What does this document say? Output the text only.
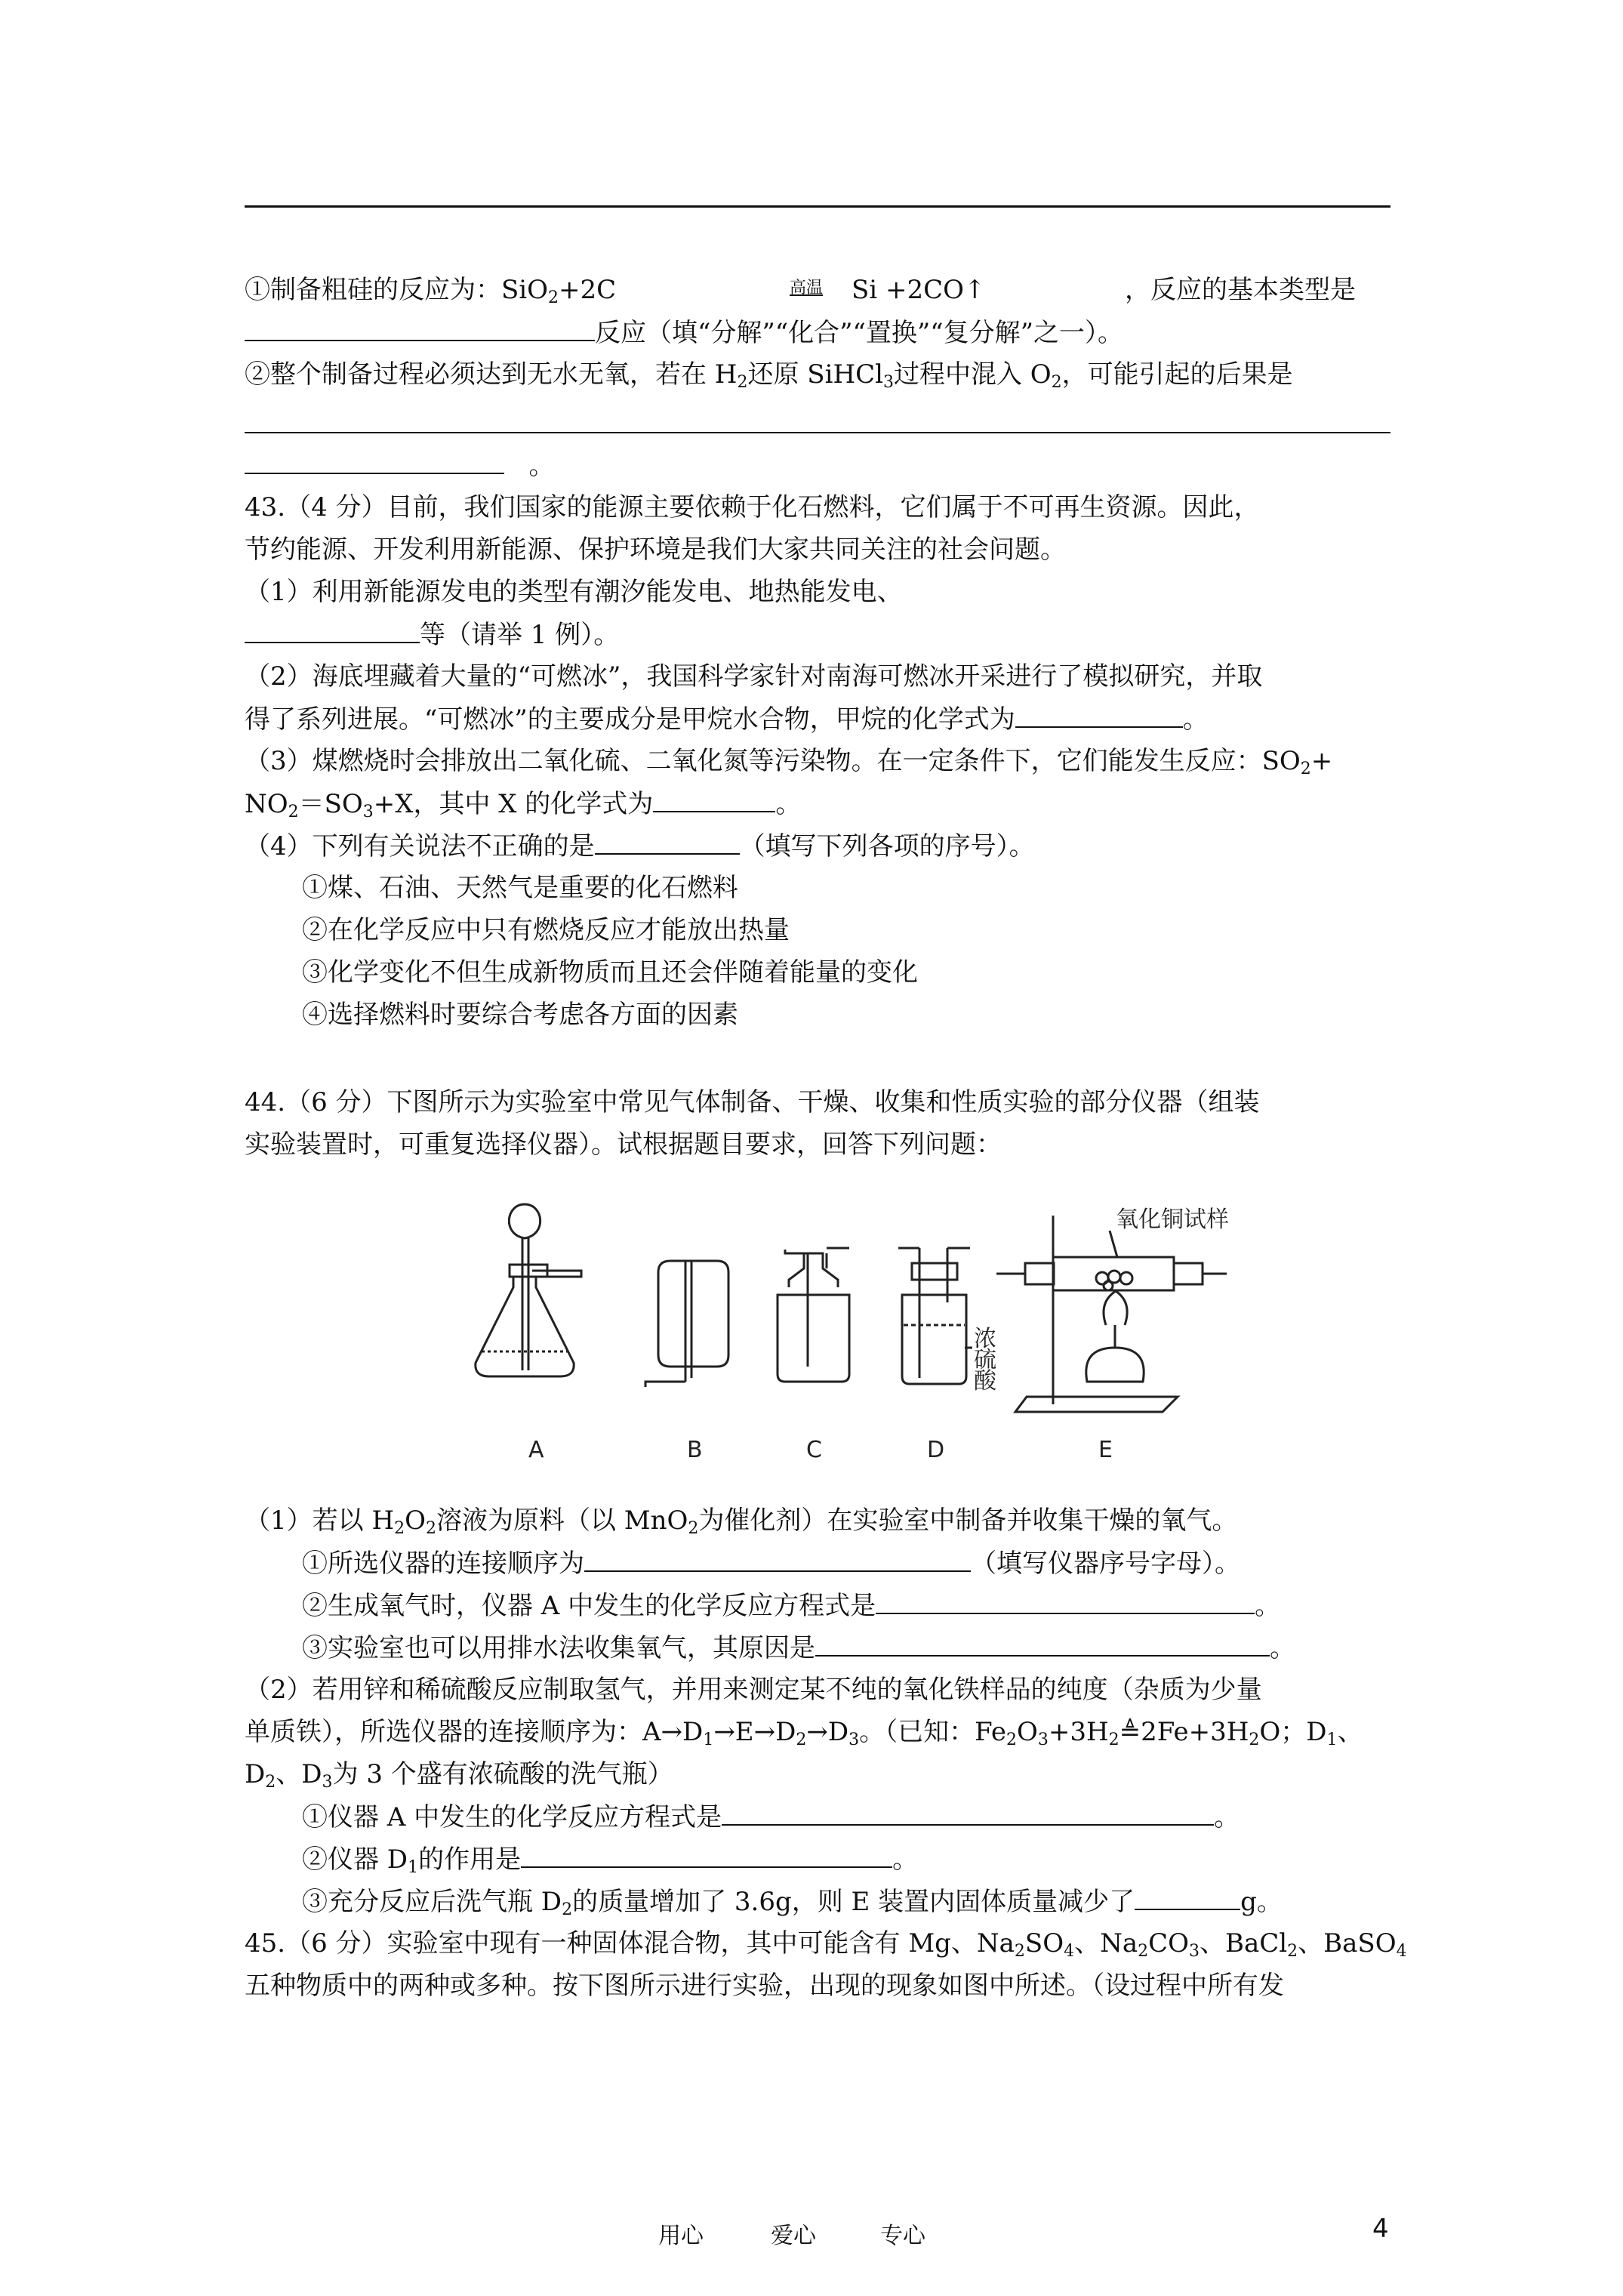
①制备粗硅的反应为：SiO$_2$+2C	高温 Si +2CO↑	，反应的基本类型是
反应（填“分解”“化合”“置换”“复分解”之一）。
②整个制备过程必须达到无水无氧，若在 $H_2$还原 SiHCl$_3$过程中混入 $O_2$，可能引起的后果是
。
43.（4 分）目前，我们国家的能源主要依赖于化石燃料，它们属于不可再生资源。因此，
节约能源、开发利用新能源、保护环境是我们大家共同关注的社会问题。
（1）利用新能源发电的类型有潮汐能发电、地热能发电、
等（请举 1 例）。
（2）海底埋藏着大量的“可燃冰”，我国科学家针对南海可燃冰开采进行了模拟研究，并取
得了系列进展。“可燃冰”的主要成分是甲烷水合物，甲烷的化学式为	。
（3）煤燃烧时会排放出二氧化硫、二氧化氮等污染物。在一定条件下，它们能发生反应：$SO_2+$
$NO_2=SO_3+X$，其中 X 的化学式为	。
（4）下列有关说法不正确的是	（填写下列各项的序号）。
①煤、石油、天然气是重要的化石燃料
②在化学反应中只有燃烧反应才能放出热量
③化学变化不但生成新物质而且还会伴随着能量的变化
④选择燃料时要综合考虑各方面的因素
44.（6 分）下图所示为实验室中常见气体制备、干燥、收集和性质实验的部分仪器（组装
实验装置时，可重复选择仪器）。试根据题目要求，回答下列问题：
A	B	C
浓
硫
酸
D
氧化铜试样
E
（1）若以 $H_2O_2$溶液为原料（以 MnO$_2$为催化剂）在实验室中制备并收集干燥的氧气。
①所选仪器的连接顺序为	（填写仪器序号字母）。
②生成氧气时，仪器 A 中发生的化学反应方程式是	。
③实验室也可以用排水法收集氧气，其原因是	。
（2）若用锌和稀硫酸反应制取氢气，并用来测定某不纯的氧化铁样品的纯度（杂质为少量
单质铁），所选仪器的连接顺序为：$A\to D_1\to E\to D_2\to D_3$。（已知：$Fe_2O_3+3H_2≜2Fe+3H_2O$；$D_1$、
$D_2$、$D_3$为 3 个盛有浓硫酸的洗气瓶）
①仪器 A 中发生的化学反应方程式是	。
②仪器 $D_1$的作用是	。
③充分反应后洗气瓶 $D_2$的质量增加了 3.6g，则 E 装置内固体质量减少了	g。
45.（6 分）实验室中现有一种固体混合物，其中可能含有 Mg、$Na_2SO_4$、$Na_2CO_3$、BaCl$_2$、BaSO$_4$
五种物质中的两种或多种。按下图所示进行实验，出现的现象如图中所述。（设过程中所有发
用心	爱心	专心	4
